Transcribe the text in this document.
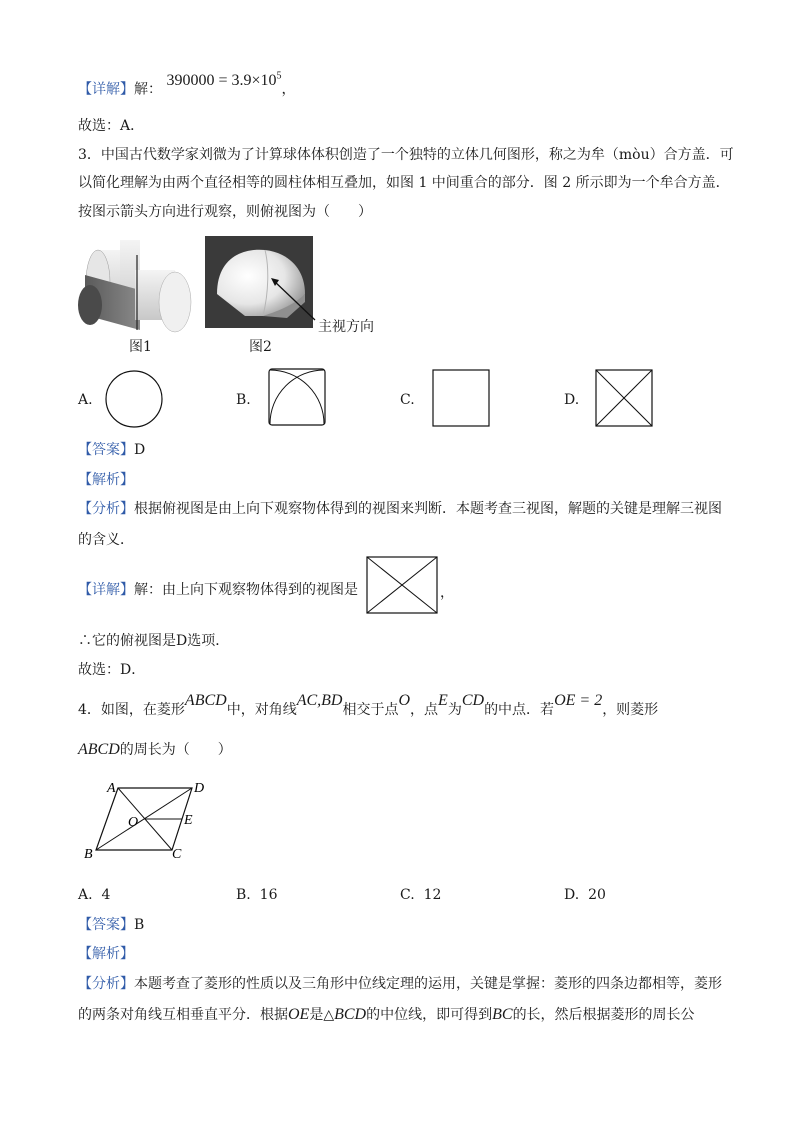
【详解】解： $390000 = 3.9\times 10^5$，
故选：A．
3．中国古代数学家刘微为了计算球体体积创造了一个独特的立体几何图形，称之为牟（mòu）合方盖．可
以简化理解为由两个直径相等的圆柱体相互叠加，如图 1 中间重合的部分．图 2 所示即为一个牟合方盖．
按图示箭头方向进行观察，则俯视图为（　　）
图1
主视方向
图2
A.	B.	C.	D.
【答案】D
【解析】
【分析】根据俯视图是由上向下观察物体得到的视图来判断．本题考查三视图，解题的关键是理解三视图
的含义．
【详解】解：由上向下观察物体得到的视图是	，
∴它的俯视图是D选项．
故选：D．
4．如图，在菱形ABCD中，对角线AC,BD相交于点O，点E为CD的中点．若OE = 2，则菱形
ABCD的周长为（　　）
A	D
O	E
B	C
A. 4	B. 16	C. 12	D. 20
【答案】B
【解析】
【分析】本题考查了菱形的性质以及三角形中位线定理的运用，关键是掌握：菱形的四条边都相等，菱形
的两条对角线互相垂直平分．根据OE是△BCD的中位线，即可得到BC的长，然后根据菱形的周长公
